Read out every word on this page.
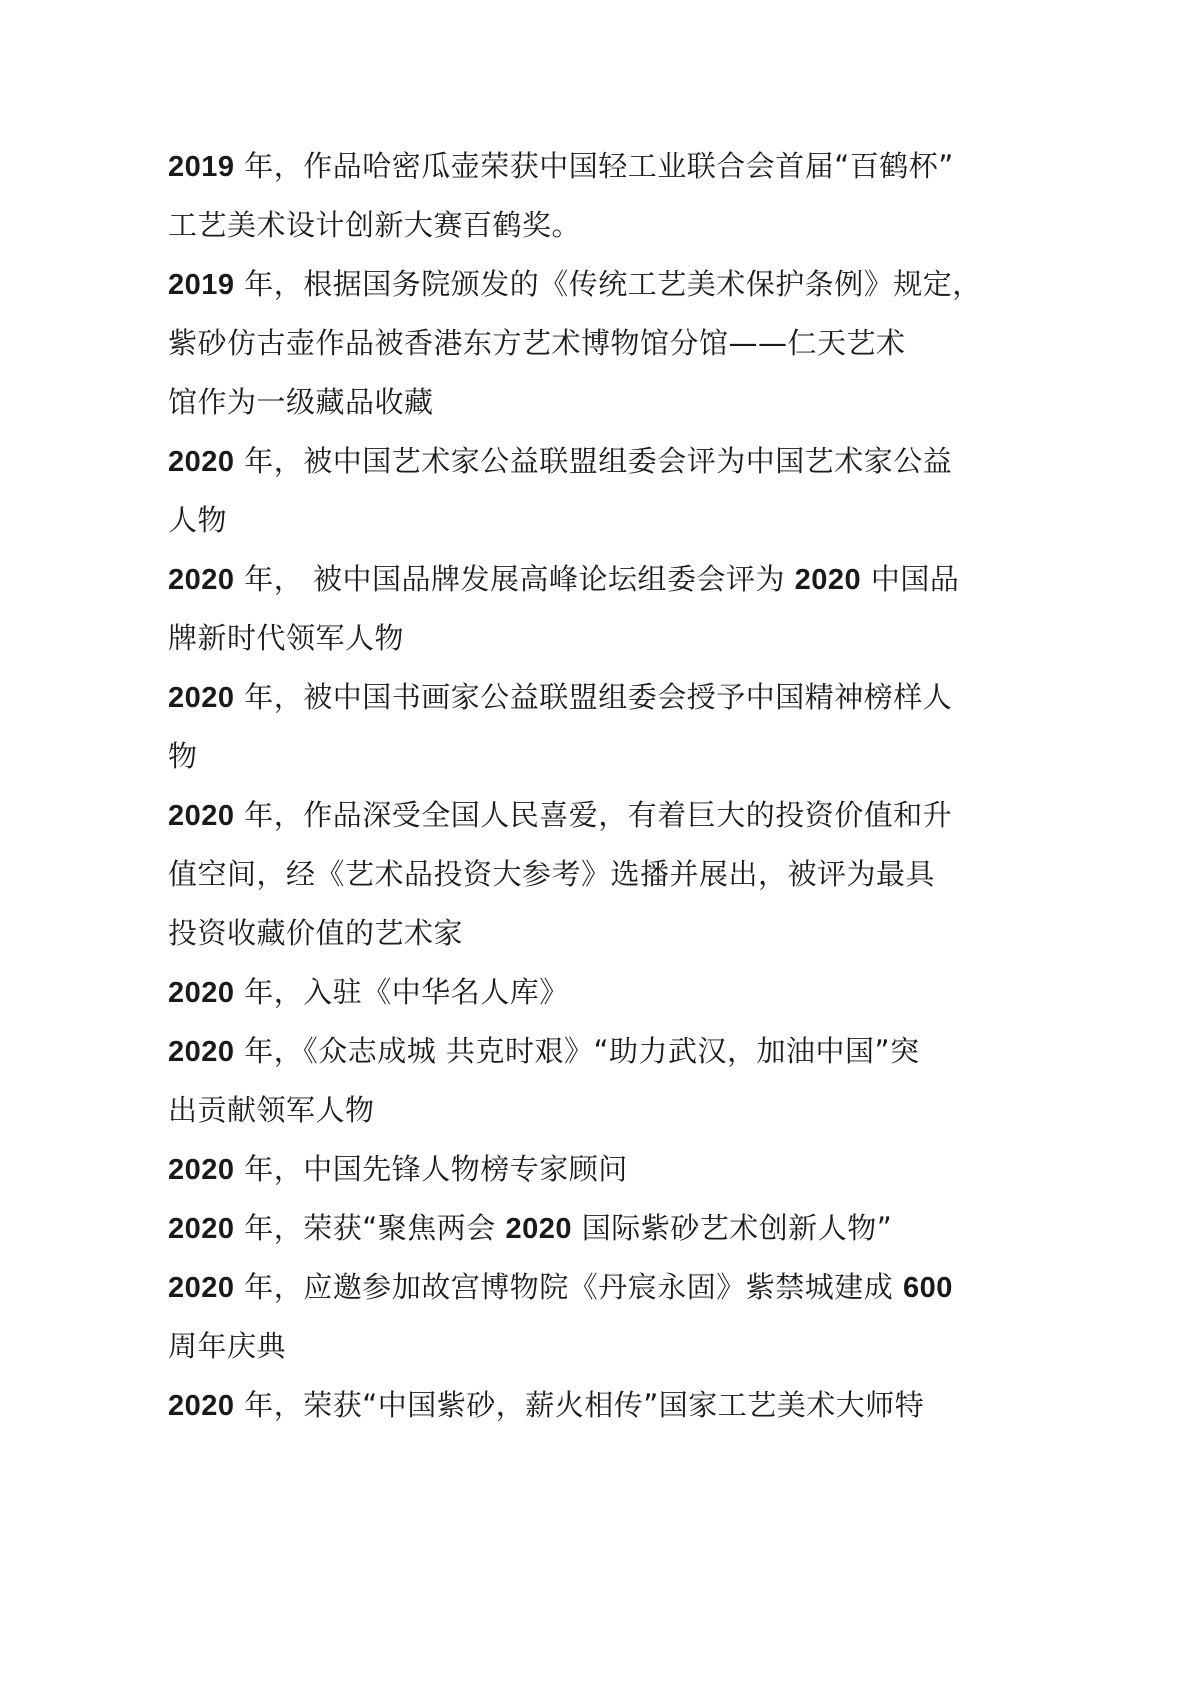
2019 年，作品哈密瓜壶荣获中国轻工业联合会首届“百鹤杯”
工艺美术设计创新大赛百鹤奖。
2019 年，根据国务院颁发的《传统工艺美术保护条例》规定，
紫砂仿古壶作品被香港东方艺术博物馆分馆——仁天艺术
馆作为一级藏品收藏
2020 年，被中国艺术家公益联盟组委会评为中国艺术家公益
人物
2020 年， 被中国品牌发展高峰论坛组委会评为 2020 中国品
牌新时代领军人物
2020 年，被中国书画家公益联盟组委会授予中国精神榜样人
物
2020 年，作品深受全国人民喜爱，有着巨大的投资价值和升
值空间，经《艺术品投资大参考》选播并展出，被评为最具
投资收藏价值的艺术家
2020 年，入驻《中华名人库》
2020 年，《众志成城 共克时艰》“助力武汉，加油中国”突
出贡献领军人物
2020 年，中国先锋人物榜专家顾问
2020 年，荣获“聚焦两会 2020 国际紫砂艺术创新人物”
2020 年，应邀参加故宫博物院《丹宸永固》紫禁城建成 600
周年庆典
2020 年，荣获“中国紫砂，薪火相传”国家工艺美术大师特
